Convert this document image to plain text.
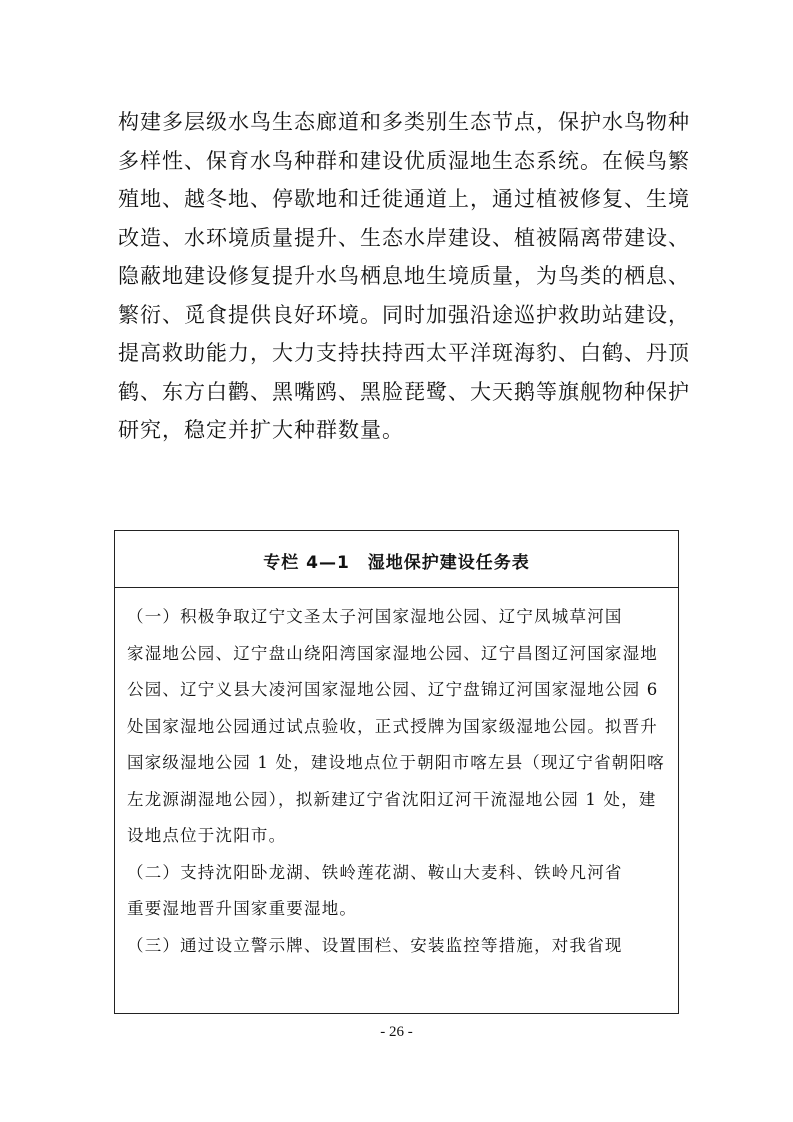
构建多层级水鸟生态廊道和多类别生态节点，保护水鸟物种

多样性、保育水鸟种群和建设优质湿地生态系统。在候鸟繁

殖地、越冬地、停歇地和迁徙通道上，通过植被修复、生境

改造、水环境质量提升、生态水岸建设、植被隔离带建设、

隐蔽地建设修复提升水鸟栖息地生境质量，为鸟类的栖息、

繁衍、觅食提供良好环境。同时加强沿途巡护救助站建设，

提高救助能力，大力支持扶持西太平洋斑海豹、白鹤、丹顶

鹤、东方白鹳、黑嘴鸥、黑脸琵鹭、大天鹅等旗舰物种保护

研究，稳定并扩大种群数量。

专栏 4—1 湿地保护建设任务表

（一）积极争取辽宁文圣太子河国家湿地公园、辽宁凤城草河国

家湿地公园、辽宁盘山绕阳湾国家湿地公园、辽宁昌图辽河国家湿地

公园、辽宁义县大凌河国家湿地公园、辽宁盘锦辽河国家湿地公园 6

处国家湿地公园通过试点验收，正式授牌为国家级湿地公园。拟晋升

国家级湿地公园 1 处，建设地点位于朝阳市喀左县（现辽宁省朝阳喀

左龙源湖湿地公园），拟新建辽宁省沈阳辽河干流湿地公园 1 处，建

设地点位于沈阳市。

（二）支持沈阳卧龙湖、铁岭莲花湖、鞍山大麦科、铁岭凡河省

重要湿地晋升国家重要湿地。

（三）通过设立警示牌、设置围栏、安装监控等措施，对我省现

- 26 -
